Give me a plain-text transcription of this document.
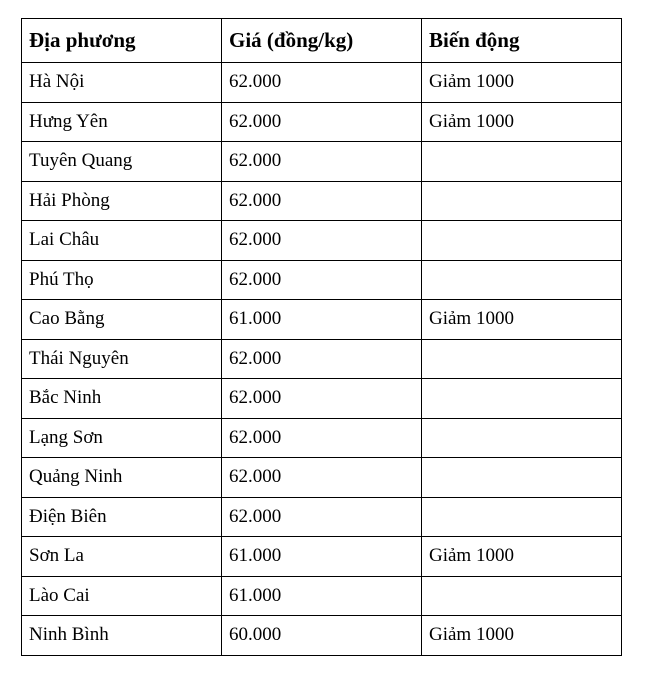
Địa phương	Giá (đồng/kg)	Biến động
Hà Nội	62.000	Giảm 1000
Hưng Yên	62.000	Giảm 1000
Tuyên Quang	62.000	
Hải Phòng	62.000	
Lai Châu	62.000	
Phú Thọ	62.000	
Cao Bằng	61.000	Giảm 1000
Thái Nguyên	62.000	
Bắc Ninh	62.000	
Lạng Sơn	62.000	
Quảng Ninh	62.000	
Điện Biên	62.000	
Sơn La	61.000	Giảm 1000
Lào Cai	61.000	
Ninh Bình	60.000	Giảm 1000
